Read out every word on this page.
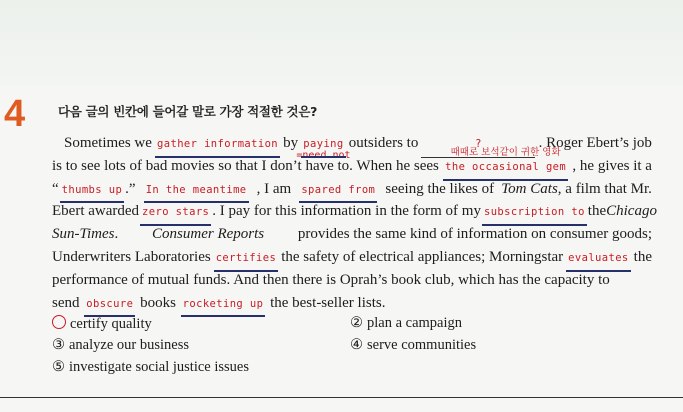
4	다음 글의 빈칸에 들어갈 말로 가장 적절한 것은?
Sometimes we gather information by paying
=need not
outsiders to	?	. Roger Ebert’s job
is to see lots of bad movies so that I don’t have to. When he sees
때때로 보석같이 귀한 영화
the occasional gem , he gives it a
“ thumbs up .” In the meantime , I am spared from seeing the likes of Tom Cats, a film that Mr.
Ebert awarded zero stars . I pay for this information in the form of my subscription to the Chicago
Sun-Times. Consumer Reports provides the same kind of information on consumer goods;
Underwriters Laboratories certifies the safety of electrical appliances; Morningstar evaluates the
performance of mutual funds. And then there is Oprah’s book club, which has the capacity to
send
obscure
books
rocketing up
the best-seller lists.
certify quality	② plan a campaign
③ analyze our business	④ serve communities
⑤ investigate social justice issues
